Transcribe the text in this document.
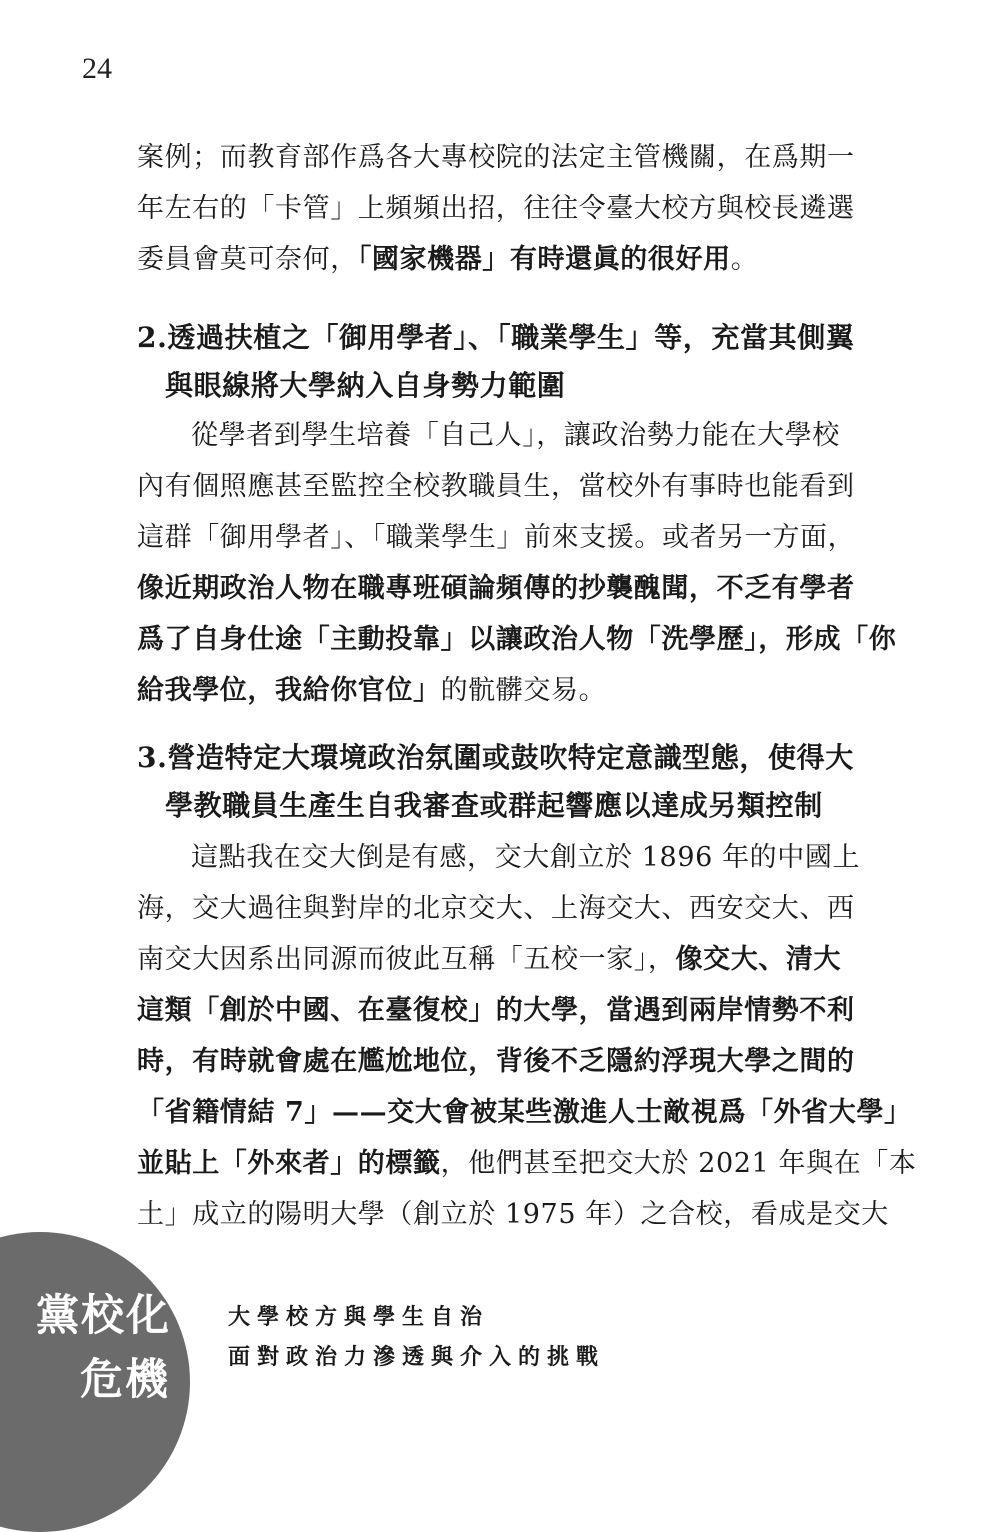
24
案例；而教育部作爲各大專校院的法定主管機關，在爲期一
年左右的「卡管」上頻頻出招，往往令臺大校方與校長遴選
委員會莫可奈何，「國家機器」有時還眞的很好用。
2.透過扶植之「御用學者」、「職業學生」等，充當其側翼
與眼線將大學納入自身勢力範圍
從學者到學生培養「自己人」，讓政治勢力能在大學校
內有個照應甚至監控全校教職員生，當校外有事時也能看到
這群「御用學者」、「職業學生」前來支援。或者另一方面，
像近期政治人物在職專班碩論頻傳的抄襲醜聞，不乏有學者
爲了自身仕途「主動投靠」以讓政治人物「洗學歷」，形成「你
給我學位，我給你官位」的骯髒交易。
3.營造特定大環境政治氛圍或鼓吹特定意識型態，使得大
學教職員生產生自我審查或群起響應以達成另類控制
這點我在交大倒是有感，交大創立於 1896 年的中國上
海，交大過往與對岸的北京交大、上海交大、西安交大、西
南交大因系出同源而彼此互稱「五校一家」，像交大、清大
這類「創於中國、在臺復校」的大學，當遇到兩岸情勢不利
時，有時就會處在尷尬地位，背後不乏隱約浮現大學之間的
「省籍情結 7」——交大會被某些激進人士敵視爲「外省大學」
並貼上「外來者」的標籤，他們甚至把交大於 2021 年與在「本
土」成立的陽明大學（創立於 1975 年）之合校，看成是交大
黨校化
危機
大學校方與學生自治
面對政治力滲透與介入的挑戰
